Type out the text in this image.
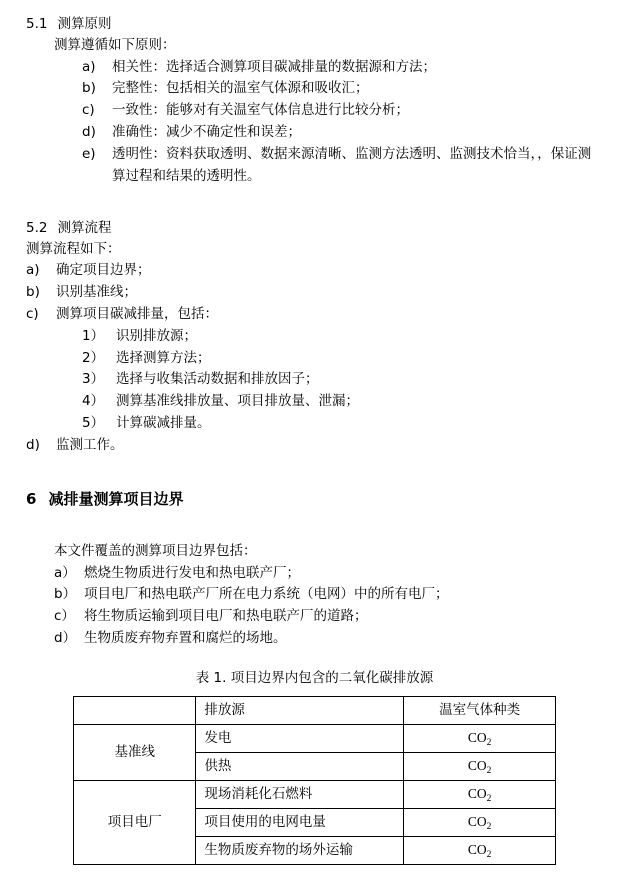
5.1 测算原则
测算遵循如下原则：
a)	相关性：选择适合测算项目碳减排量的数据源和方法；
b)	完整性：包括相关的温室气体源和吸收汇；
c)	一致性：能够对有关温室气体信息进行比较分析；
d)	准确性：减少不确定性和误差；
e)	透明性：资料获取透明、数据来源清晰、监测方法透明、监测技术恰当，，保证测算过程和结果的透明性。
5.2 测算流程
测算流程如下：
a)	确定项目边界；
b)	识别基准线；
c)	测算项目碳减排量，包括：
1） 识别排放源；
2） 选择测算方法；
3） 选择与收集活动数据和排放因子；
4） 测算基准线排放量、项目排放量、泄漏；
5） 计算碳减排量。
d)	监测工作。
6 减排量测算项目边界
本文件覆盖的测算项目边界包括：
a） 燃烧生物质进行发电和热电联产厂；
b） 项目电厂和热电联产厂所在电力系统（电网）中的所有电厂；
c） 将生物质运输到项目电厂和热电联产厂的道路；
d） 生物质废弃物弃置和腐烂的场地。
表 1. 项目边界内包含的二氧化碳排放源
	排放源	温室气体种类
基准线	发电	$CO_2$
	供热	$CO_2$
项目电厂	现场消耗化石燃料	$CO_2$
	项目使用的电网电量	$CO_2$
	生物质废弃物的场外运输	$CO_2$
